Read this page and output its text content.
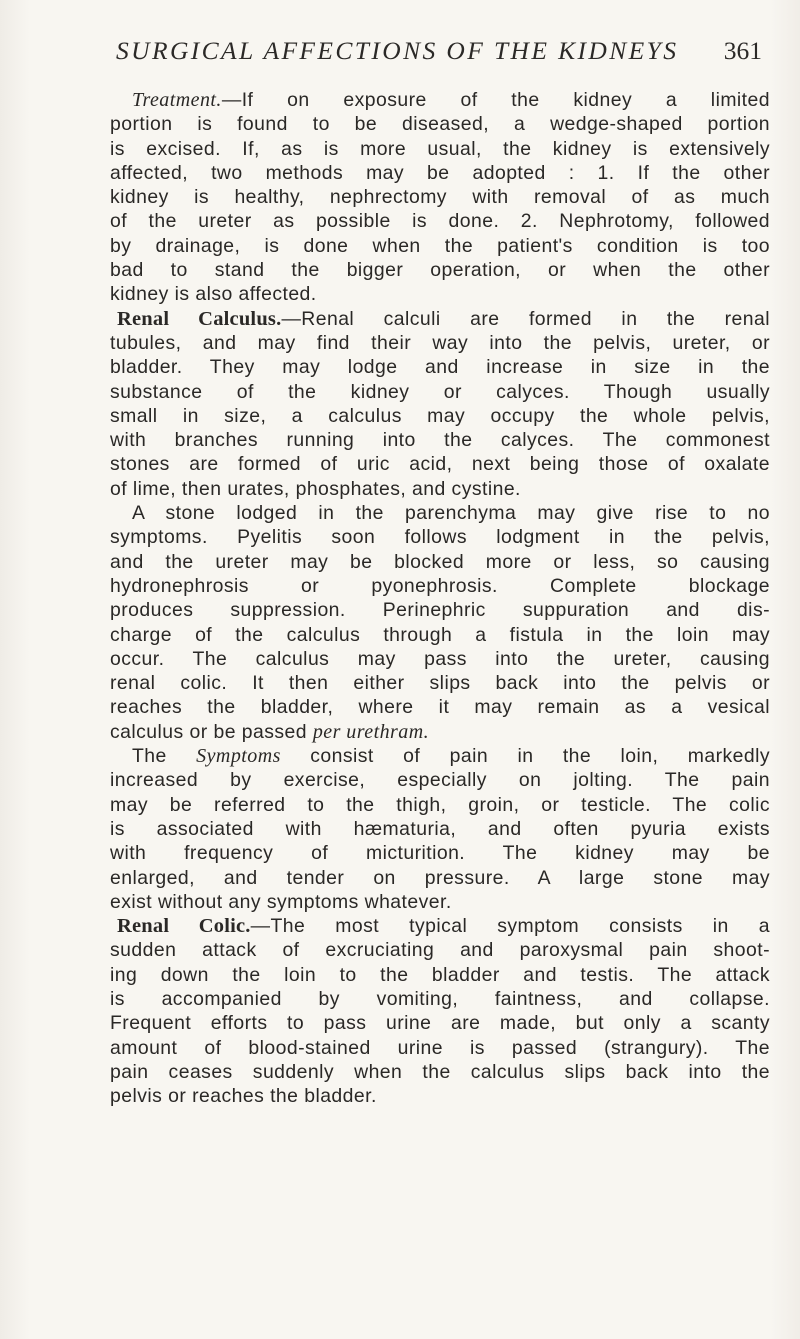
SURGICAL AFFECTIONS OF THE KIDNEYS 361
Treatment.—If on exposure of the kidney a limited
portion is found to be diseased, a wedge-shaped portion
is excised. If, as is more usual, the kidney is extensively
affected, two methods may be adopted : 1. If the other
kidney is healthy, nephrectomy with removal of as much
of the ureter as possible is done. 2. Nephrotomy, followed
by drainage, is done when the patient's condition is too
bad to stand the bigger operation, or when the other
kidney is also affected.
Renal Calculus.—Renal calculi are formed in the renal
tubules, and may find their way into the pelvis, ureter, or
bladder. They may lodge and increase in size in the
substance of the kidney or calyces. Though usually
small in size, a calculus may occupy the whole pelvis,
with branches running into the calyces. The commonest
stones are formed of uric acid, next being those of oxalate
of lime, then urates, phosphates, and cystine.
A stone lodged in the parenchyma may give rise to no
symptoms. Pyelitis soon follows lodgment in the pelvis,
and the ureter may be blocked more or less, so causing
hydronephrosis or pyonephrosis. Complete blockage
produces suppression. Perinephric suppuration and dis-
charge of the calculus through a fistula in the loin may
occur. The calculus may pass into the ureter, causing
renal colic. It then either slips back into the pelvis or
reaches the bladder, where it may remain as a vesical
calculus or be passed per urethram.
The Symptoms consist of pain in the loin, markedly
increased by exercise, especially on jolting. The pain
may be referred to the thigh, groin, or testicle. The colic
is associated with hæmaturia, and often pyuria exists
with frequency of micturition. The kidney may be
enlarged, and tender on pressure. A large stone may
exist without any symptoms whatever.
Renal Colic.—The most typical symptom consists in a
sudden attack of excruciating and paroxysmal pain shoot-
ing down the loin to the bladder and testis. The attack
is accompanied by vomiting, faintness, and collapse.
Frequent efforts to pass urine are made, but only a scanty
amount of blood-stained urine is passed (strangury). The
pain ceases suddenly when the calculus slips back into the
pelvis or reaches the bladder.
